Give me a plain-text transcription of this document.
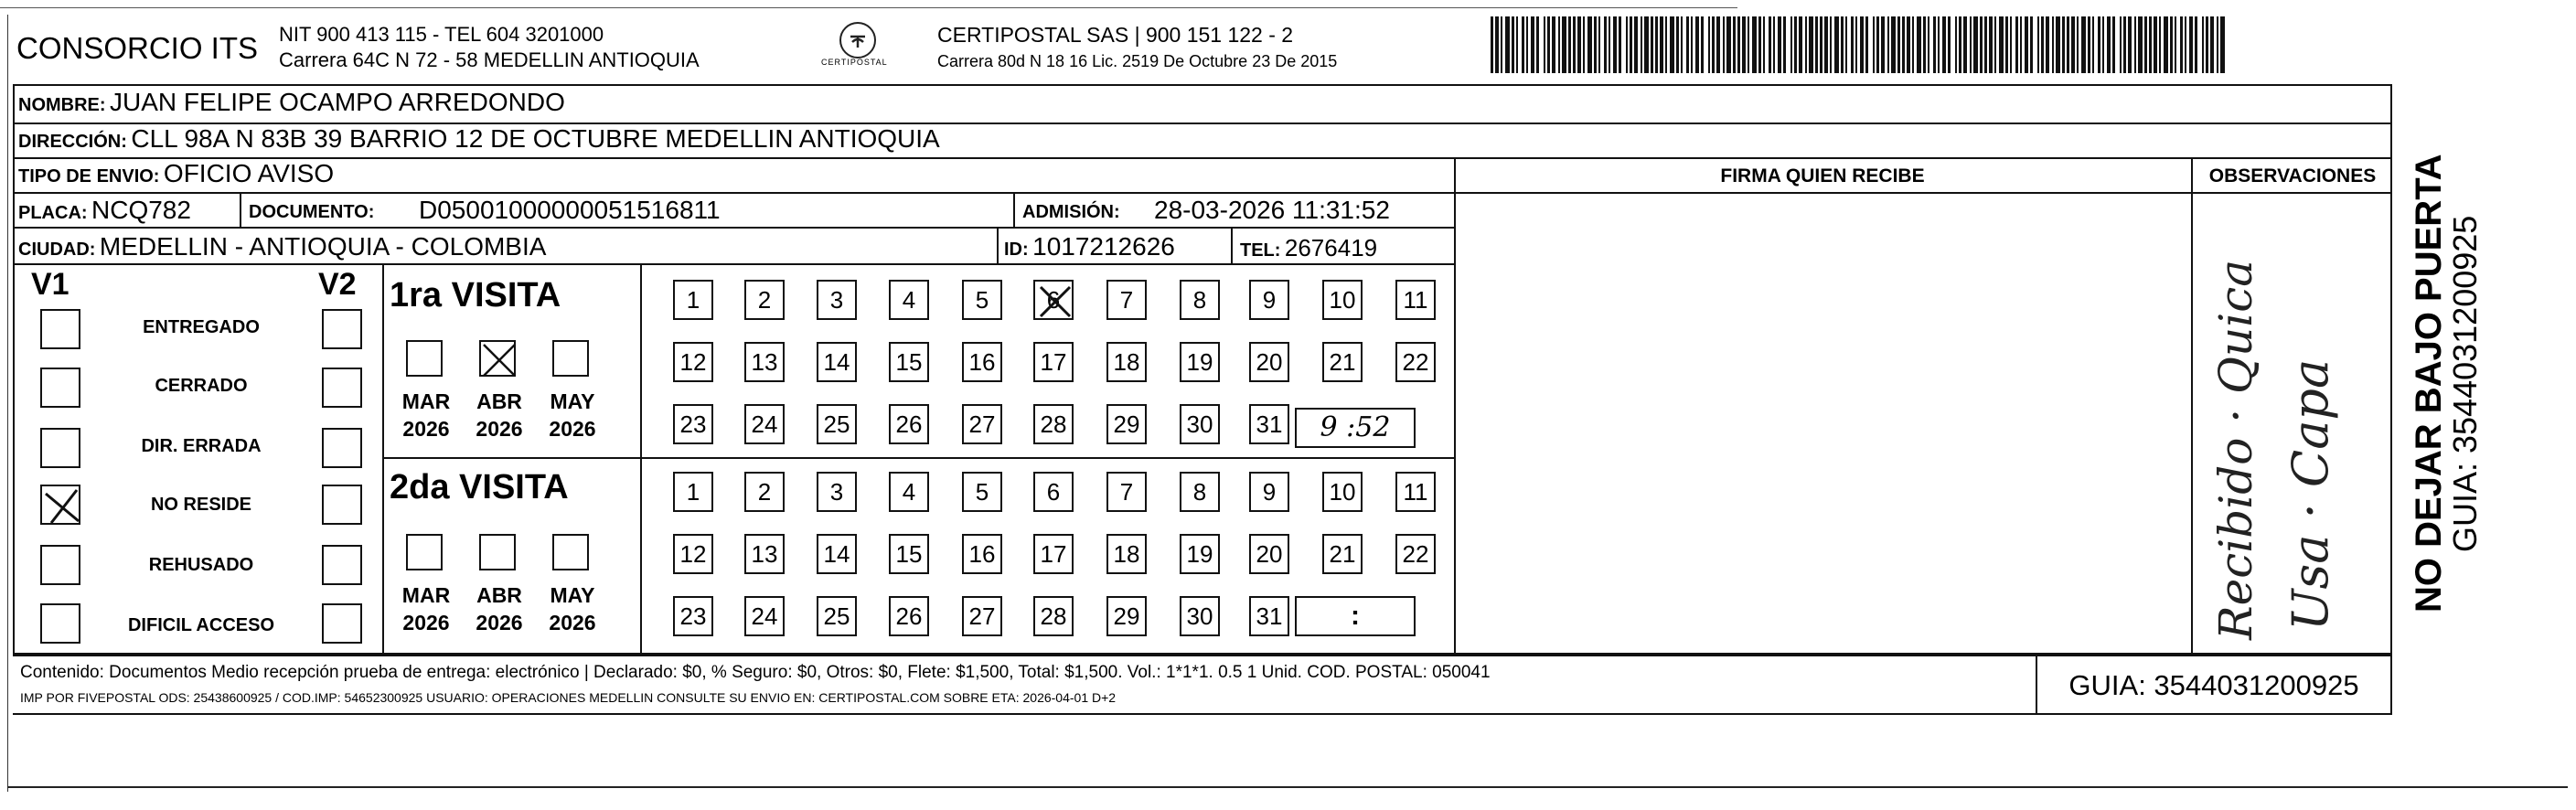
CONSORCIO ITS NIT 900 413 115 - TEL 604 3201000
Carrera 64C N 72 - 58 MEDELLIN ANTIOQUIA	CERTIPOSTAL
CERTIPOSTAL SAS | 900 151 122 - 2
Carrera 80d N 18 16 Lic. 2519 De Octubre 23 De 2015
NOMBRE: JUAN FELIPE OCAMPO ARREDONDO
DIRECCIÓN: CLL 98A N 83B 39 BARRIO 12 DE OCTUBRE MEDELLIN ANTIOQUIA
TIPO DE ENVIO: OFICIO AVISO	FIRMA QUIEN RECIBE	OBSERVACIONES
PLACA: NCQ782	DOCUMENTO: D05001000000051516811	ADMISIÓN: 28-03-2026 11:31:52
CIUDAD: MEDELLIN - ANTIOQUIA - COLOMBIA	ID: 1017212626	TEL: 2676419
V1	V2
ENTREGADO
CERRADO
DIR. ERRADA
NO RESIDE
REHUSADO
DIFICIL ACCESO
1ra VISITA
MAR ABR MAY
2026 2026 2026
2da VISITA
MAR ABR MAY
2026 2026 2026
1	2	3	4	5	6	7	8	9	10	11
12 13 14 15 16 17 18 19 20 21 22
23 24 25 26 27 28 29 30 31
1	2	3	4	5	6	7	8	9	10	11
12 13 14 15 16 17 18 19 20 21 22
23 24 25 26 27 28 29 30 31
9 :52
:	Recibido · Quica Usa · Capa NO DEJAR BAJO PUERTA
GUIA: 3544031200925
Contenido: Documentos Medio recepción prueba de entrega: electrónico | Declarado: $0, % Seguro: $0, Otros: $0, Flete: $1,500, Total: $1,500. Vol.: 1*1*1. 0.5 1 Unid. COD. POSTAL: 050041
IMP POR FIVEPOSTAL ODS: 25438600925 / COD.IMP: 54652300925 USUARIO: OPERACIONES MEDELLIN CONSULTE SU ENVIO EN: CERTIPOSTAL.COM SOBRE ETA: 2026-04-01 D+2	GUIA: 3544031200925
